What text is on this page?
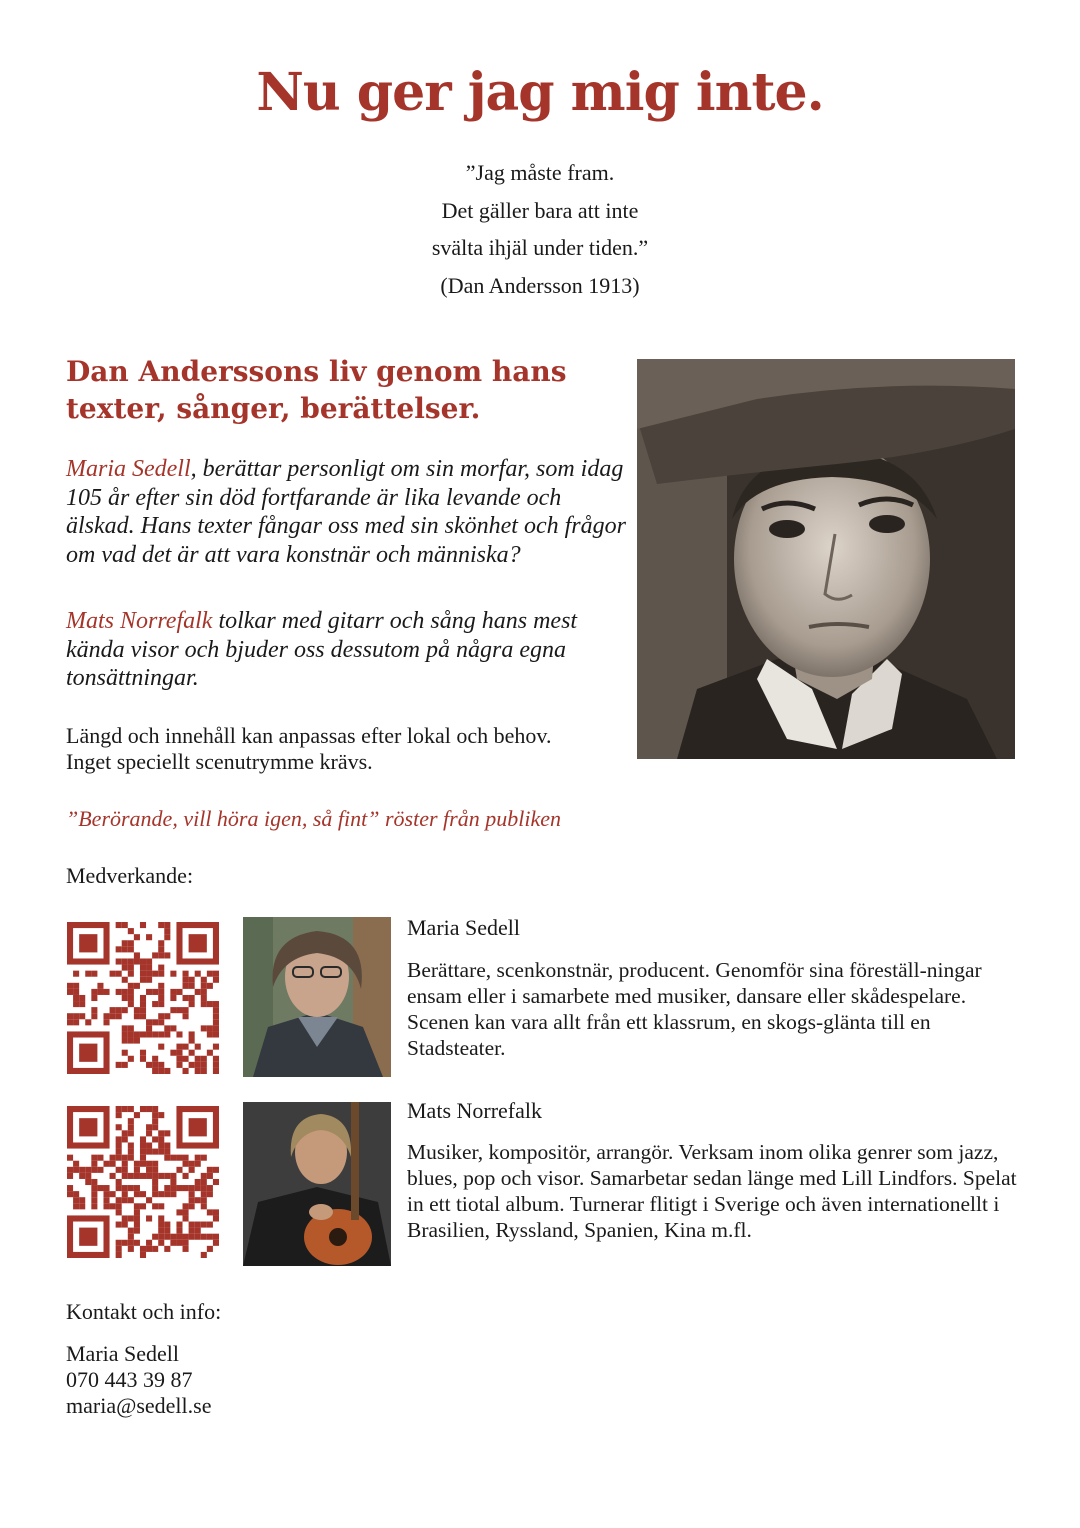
Nu ger jag mig inte.
”Jag måste fram.
Det gäller bara att inte
svälta ihjäl under tiden.”
(Dan Andersson 1913)
Dan Anderssons liv genom hans texter, sånger, berättelser.
Maria Sedell, berättar personligt om sin morfar, som idag 105 år efter sin död fortfarande är lika levande och älskad. Hans texter fångar oss med sin skönhet och frågor om vad det är att vara konstnär och människa?
Mats Norrefalk tolkar med gitarr och sång hans mest kända visor och bjuder oss dessutom på några egna tonsättningar.
Längd och innehåll kan anpassas efter lokal och behov.
Inget speciellt scenutrymme krävs.
”Berörande, vill höra igen, så fint” röster från publiken
Medverkande:
Maria Sedell
Berättare, scenkonstnär, producent. Genomför sina föreställ-ningar ensam eller i samarbete med musiker, dansare eller skådespelare. Scenen kan vara allt från ett klassrum, en skogs-glänta till en Stadsteater.
Mats Norrefalk
Musiker, kompositör, arrangör. Verksam inom olika genrer som jazz, blues, pop och visor. Samarbetar sedan länge med Lill Lindfors. Spelat in ett tiotal album. Turnerar flitigt i Sverige och även internationellt i Brasilien, Ryssland, Spanien, Kina m.fl.
Kontakt och info:
Maria Sedell
070 443 39 87
maria@sedell.se
